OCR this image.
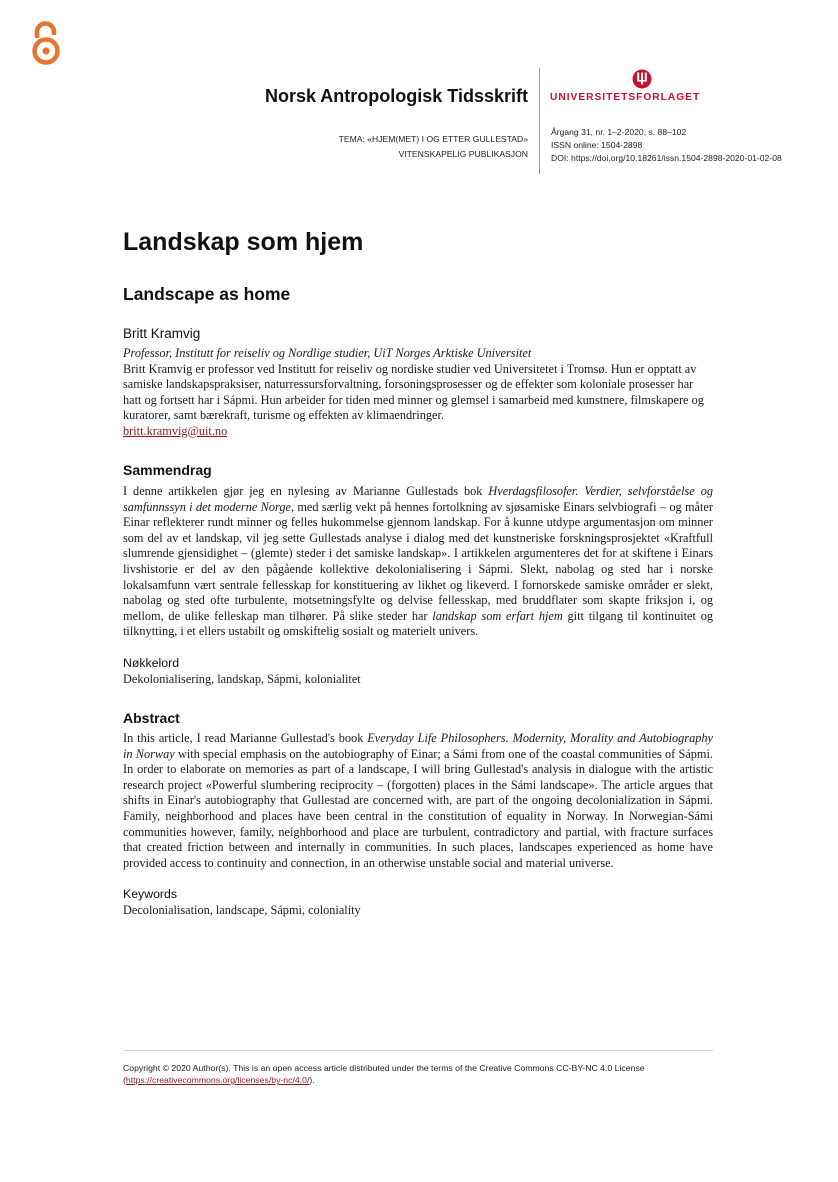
Norsk Antropologisk Tidsskrift
TEMA: «HJEM(MET) I OG ETTER GULLESTAD»
VITENSKAPELIG PUBLIKASJON
UNIVERSITETSFORLAGET
Årgang 31, nr. 1–2-2020, s. 88–102
ISSN online: 1504-2898
DOI: https://doi.org/10.18261/issn.1504-2898-2020-01-02-08
Landskap som hjem
Landscape as home
Britt Kramvig

Professor, Institutt for reiseliv og Nordlige studier, UiT Norges Arktiske Universitet

Britt Kramvig er professor ved Institutt for reiseliv og nordiske studier ved Universitetet i Tromsø. Hun er opptatt av samiske landskapspraksiser, naturressursforvaltning, forsoningsprosesser og de effekter som koloniale prosesser har hatt og fortsett har i Sápmi. Hun arbeider for tiden med minner og glemsel i samarbeid med kunstnere, filmskapere og kuratorer, samt bærekraft, turisme og effekten av klimaendringer.

britt.kramvig@uit.no

Sammendrag

I denne artikkelen gjør jeg en nylesing av Marianne Gullestads bok Hverdagsfilosofer. Verdier, selvforståelse og samfunnssyn i det moderne Norge, med særlig vekt på hennes fortolkning av sjøsamiske Einars selvbiografi – og måter Einar reflekterer rundt minner og felles hukommelse gjennom landskap. For å kunne utdype argumentasjon om minner som del av et landskap, vil jeg sette Gullestads analyse i dialog med det kunstneriske forskningsprosjektet «Kraftfull slumrende gjensidighet – (glemte) steder i det samiske landskap». I artikkelen argumenteres det for at skiftene i Einars livshistorie er del av den pågående kollektive dekolonialisering i Sápmi. Slekt, nabolag og sted har i norske lokalsamfunn vært sentrale fellesskap for konstituering av likhet og likeverd. I fornorskede samiske områder er slekt, nabolag og sted ofte turbulente, motsetningsfylte og delvise fellesskap, med bruddflater som skapte friksjon i, og mellom, de ulike felleskap man tilhører. På slike steder har landskap som erfart hjem gitt tilgang til kontinuitet og tilknytting, i et ellers ustabilt og omskiftelig sosialt og materielt univers.

Nøkkelord
Dekolonialisering, landskap, Sápmi, kolonialitet
Abstract

In this article, I read Marianne Gullestad's book Everyday Life Philosophers. Modernity, Morality and Autobiography in Norway with special emphasis on the autobiography of Einar; a Sámi from one of the coastal communities of Sápmi. In order to elaborate on memories as part of a landscape, I will bring Gullestad's analysis in dialogue with the artistic research project «Powerful slumbering reciprocity – (forgotten) places in the Sámi landscape». The article argues that shifts in Einar's autobiography that Gullestad are concerned with, are part of the ongoing decolonialization in Sápmi. Family, neighborhood and places have been central in the constitution of equality in Norway. In Norwegian-Sámi communities however, family, neighborhood and place are turbulent, contradictory and partial, with fracture surfaces that created friction between and internally in communities. In such places, landscapes experienced as home have provided access to continuity and connection, in an otherwise unstable social and material universe.

Keywords
Decolonialisation, landscape, Sápmi, coloniality
Copyright © 2020 Author(s). This is an open access article distributed under the terms of the Creative Commons CC-BY-NC 4.0 License (https://creativecommons.org/licenses/by-nc/4.0/).
